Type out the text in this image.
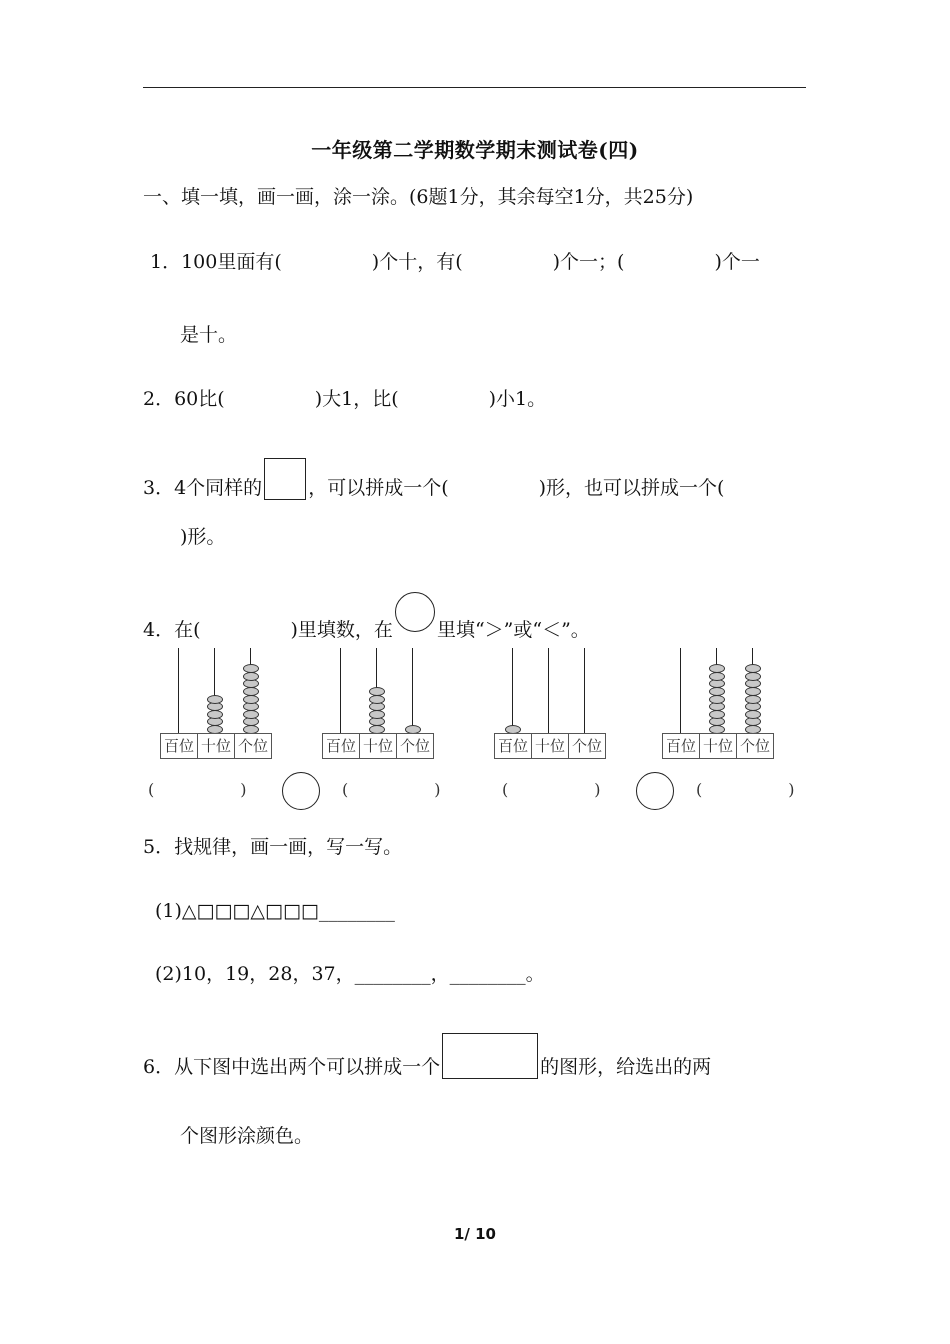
一年级第二学期数学期末测试卷(四)
一、填一填，画一画，涂一涂。(6题1分，其余每空1分，共25分)
1．100里面有(	)个十，有(	)个一；(	)个一
是十。
2．60比(	)大1，比(	)小1。
3．4个同样的 ，可以拼成一个(	)形，也可以拼成一个(
)形。
4．在(	)里填数，在 里填“＞”或“＜”。
百位 十位 个位	百位 十位 个位	百位 十位 个位	百位 十位 个位
(	)	(	)	(	)	(	)
5．找规律，画一画，写一写。
(1)△□□□△□□□________
(2)10，19，28，37，________，________。
6．从下图中选出两个可以拼成一个	的图形，给选出的两
个图形涂颜色。
1/ 10
